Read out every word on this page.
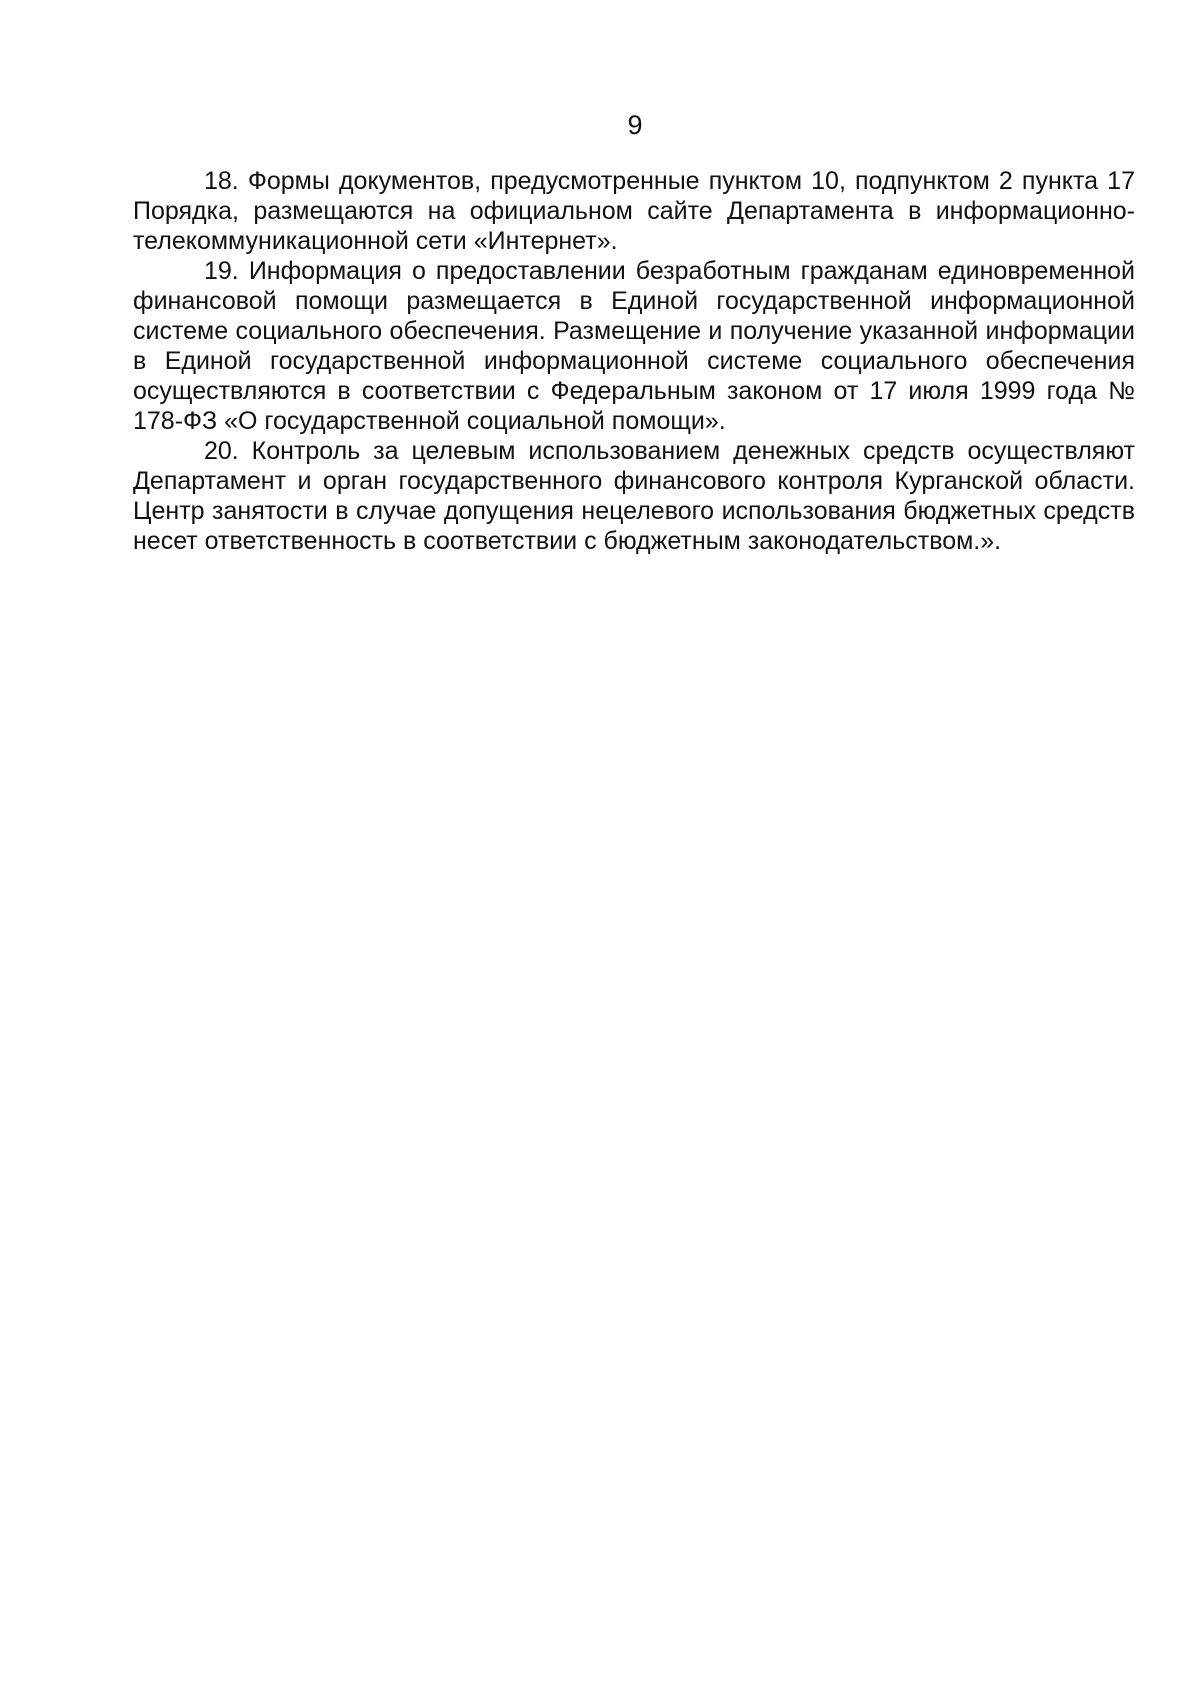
9

18. Формы документов, предусмотренные пунктом 10, подпунктом 2 пункта 17 Порядка, размещаются на официальном сайте Департамента в информационно-телекоммуникационной сети «Интернет».

19. Информация о предоставлении безработным гражданам единовременной финансовой помощи размещается в Единой государственной информационной системе социального обеспечения. Размещение и получение указанной информации в Единой государственной информационной системе социального обеспечения осуществляются в соответствии с Федеральным законом от 17 июля 1999 года № 178-ФЗ «О государственной социальной помощи».

20. Контроль за целевым использованием денежных средств осуществляют Департамент и орган государственного финансового контроля Курганской области. Центр занятости в случае допущения нецелевого использования бюджетных средств несет ответственность в соответствии с бюджетным законодательством.».
